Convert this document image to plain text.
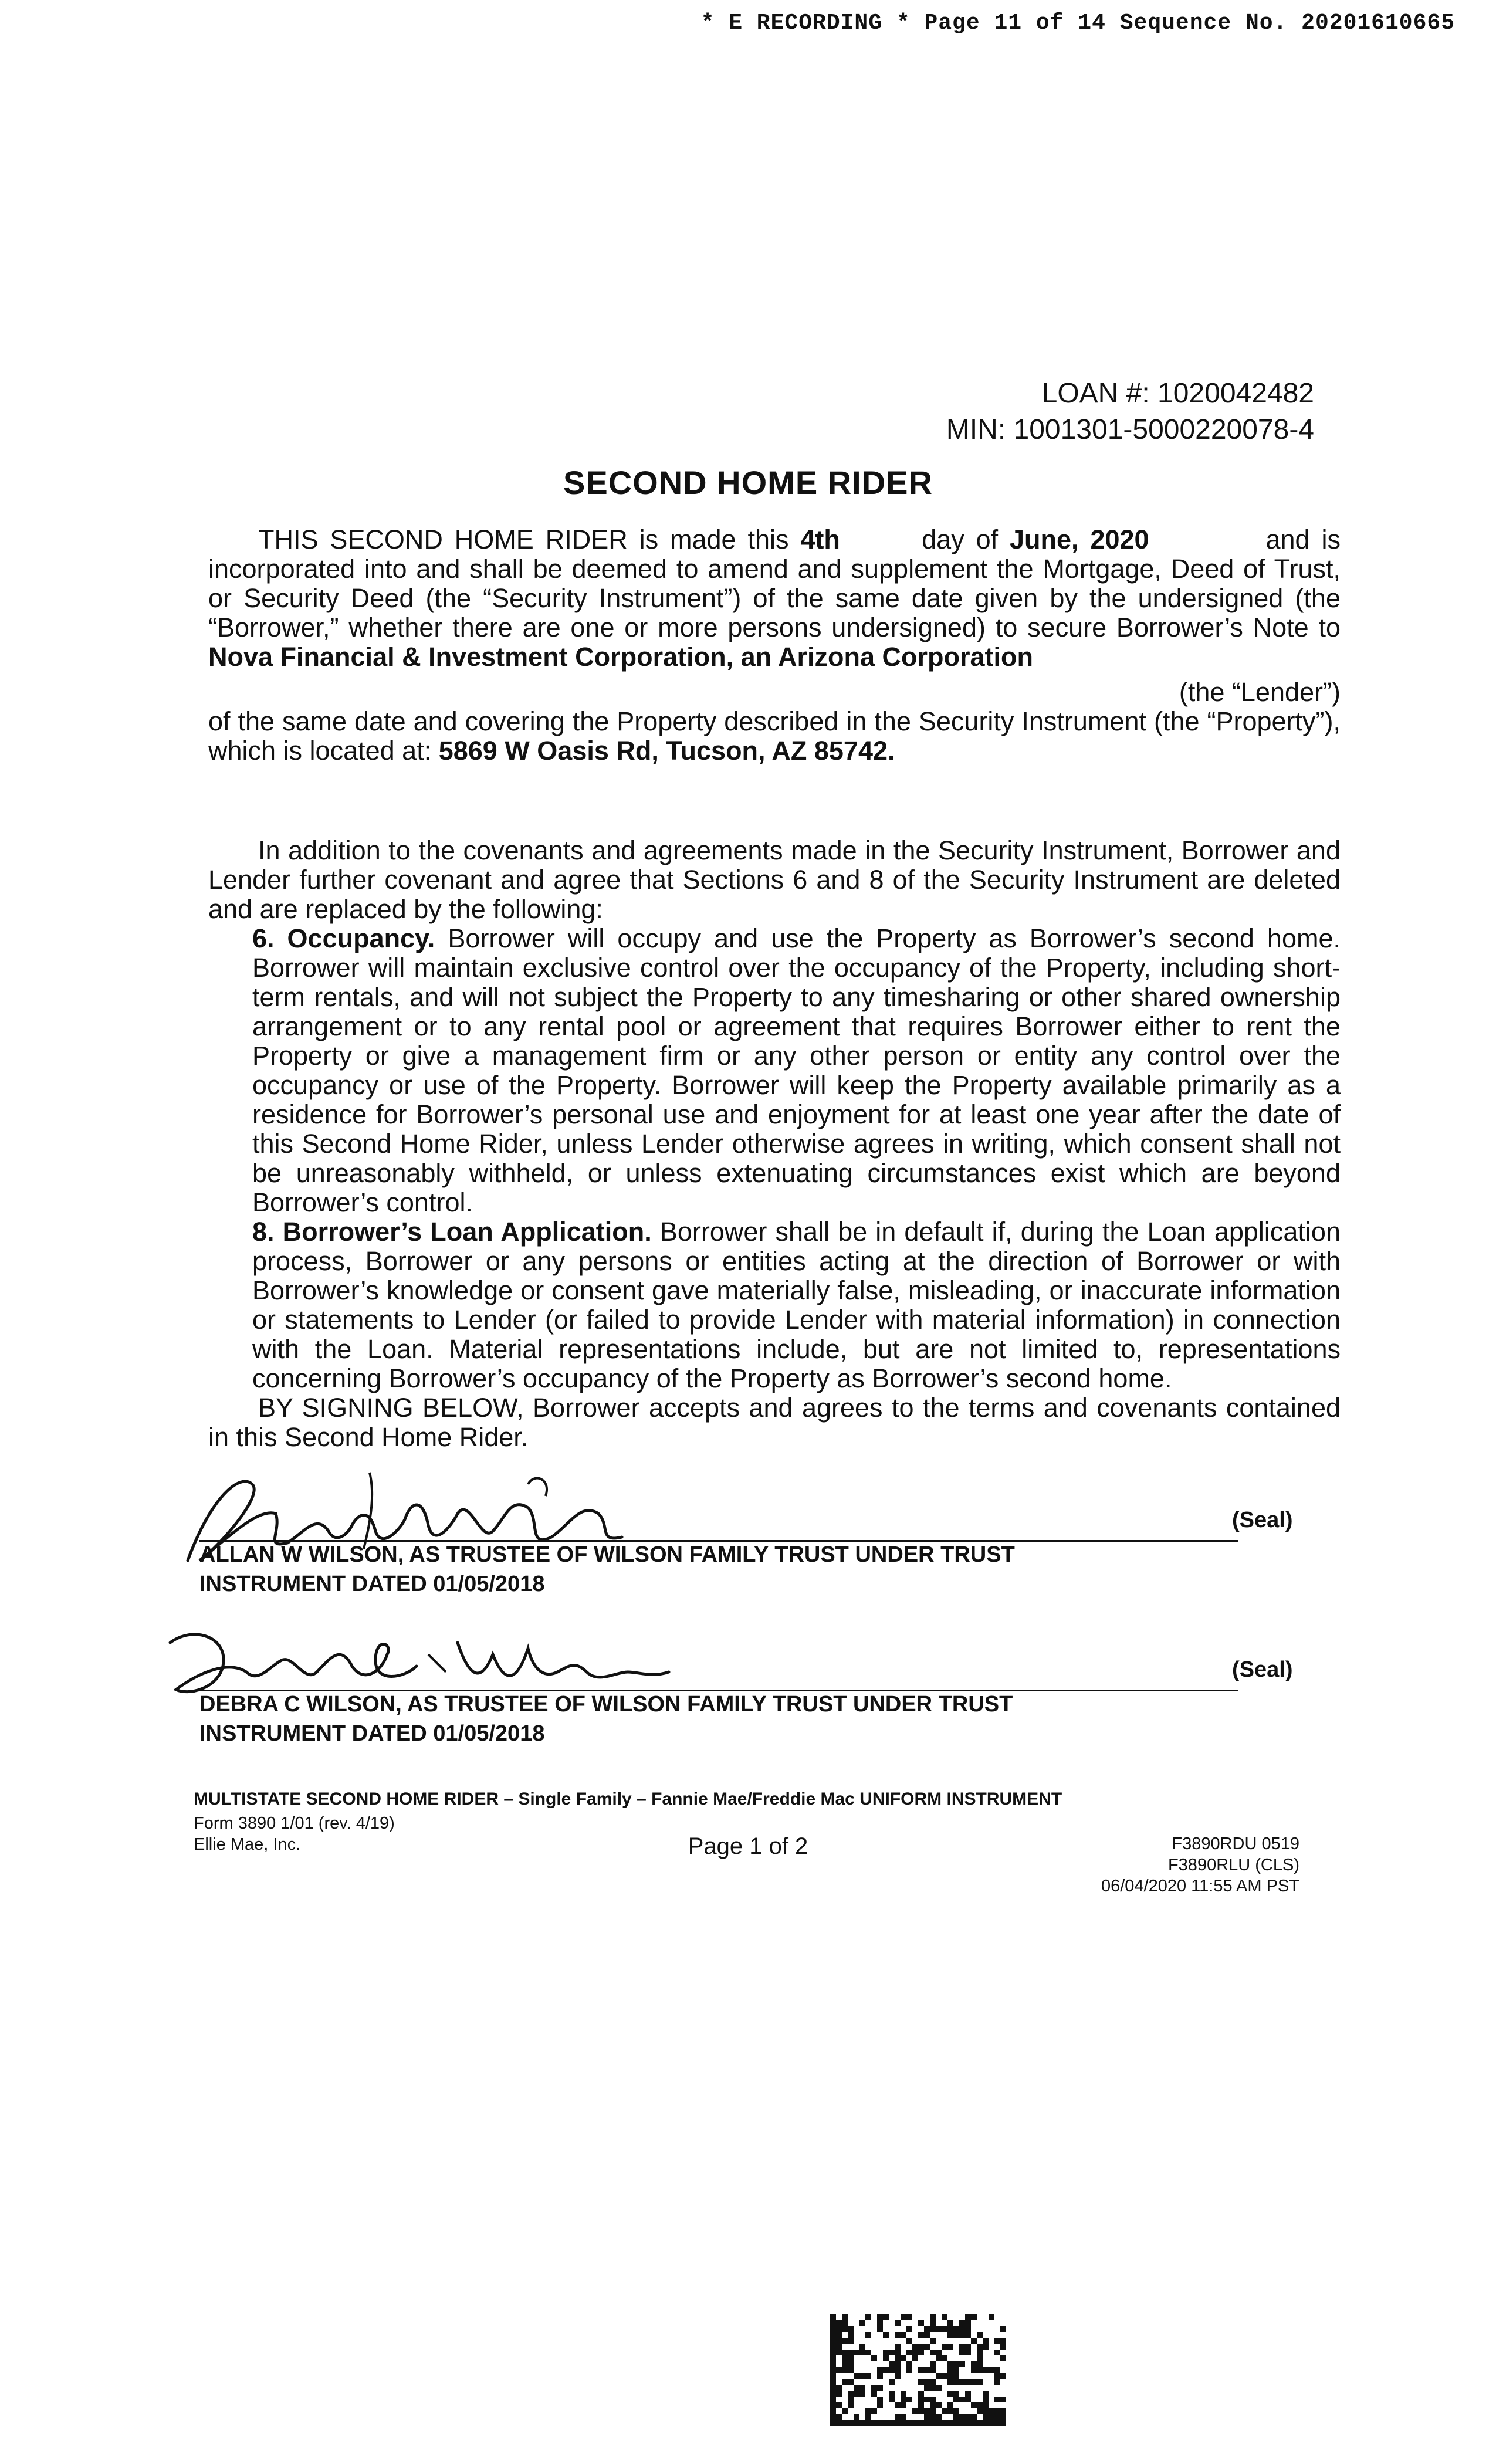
* E RECORDING * Page 11 of 14 Sequence No. 20201610665
LOAN #: 1020042482
MIN: 1001301-5000220078-4
SECOND HOME RIDER
THIS SECOND HOME RIDER is made this 4th	day of June, 2020	and is incorporated into and shall be deemed to amend and supplement the Mortgage, Deed of Trust, or Security Deed (the “Security Instrument”) of the same date given by the undersigned (the “Borrower,” whether there are one or more persons undersigned) to secure Borrower’s Note to Nova Financial & Investment Corporation, an Arizona Corporation
(the “Lender”)
of the same date and covering the Property described in the Security Instrument (the “Property”), which is located at: 5869 W Oasis Rd, Tucson, AZ 85742.
In addition to the covenants and agreements made in the Security Instrument, Borrower and Lender further covenant and agree that Sections 6 and 8 of the Security Instrument are deleted and are replaced by the following:
6. Occupancy. Borrower will occupy and use the Property as Borrower’s second home. Borrower will maintain exclusive control over the occupancy of the Property, including short-term rentals, and will not subject the Property to any timesharing or other shared ownership arrangement or to any rental pool or agreement that requires Borrower either to rent the Property or give a management firm or any other person or entity any control over the occupancy or use of the Property. Borrower will keep the Property available primarily as a residence for Borrower’s personal use and enjoyment for at least one year after the date of this Second Home Rider, unless Lender otherwise agrees in writing, which consent shall not be unreasonably withheld, or unless extenuating circumstances exist which are beyond Borrower’s control.
8. Borrower’s Loan Application. Borrower shall be in default if, during the Loan application process, Borrower or any persons or entities acting at the direction of Borrower or with Borrower’s knowledge or consent gave materially false, misleading, or inaccurate information or statements to Lender (or failed to provide Lender with material information) in connection with the Loan. Material representations include, but are not limited to, representations concerning Borrower’s occupancy of the Property as Borrower’s second home.
BY SIGNING BELOW, Borrower accepts and agrees to the terms and covenants contained in this Second Home Rider.
(Seal)
ALLAN W WILSON, AS TRUSTEE OF WILSON FAMILY TRUST UNDER TRUST
INSTRUMENT DATED 01/05/2018
(Seal)
DEBRA C WILSON, AS TRUSTEE OF WILSON FAMILY TRUST UNDER TRUST
INSTRUMENT DATED 01/05/2018
MULTISTATE SECOND HOME RIDER – Single Family – Fannie Mae/Freddie Mac UNIFORM INSTRUMENT
Form 3890 1/01 (rev. 4/19)
Ellie Mae, Inc.	Page 1 of 2	F3890RDU 0519
F3890RLU (CLS)
06/04/2020 11:55 AM PST
